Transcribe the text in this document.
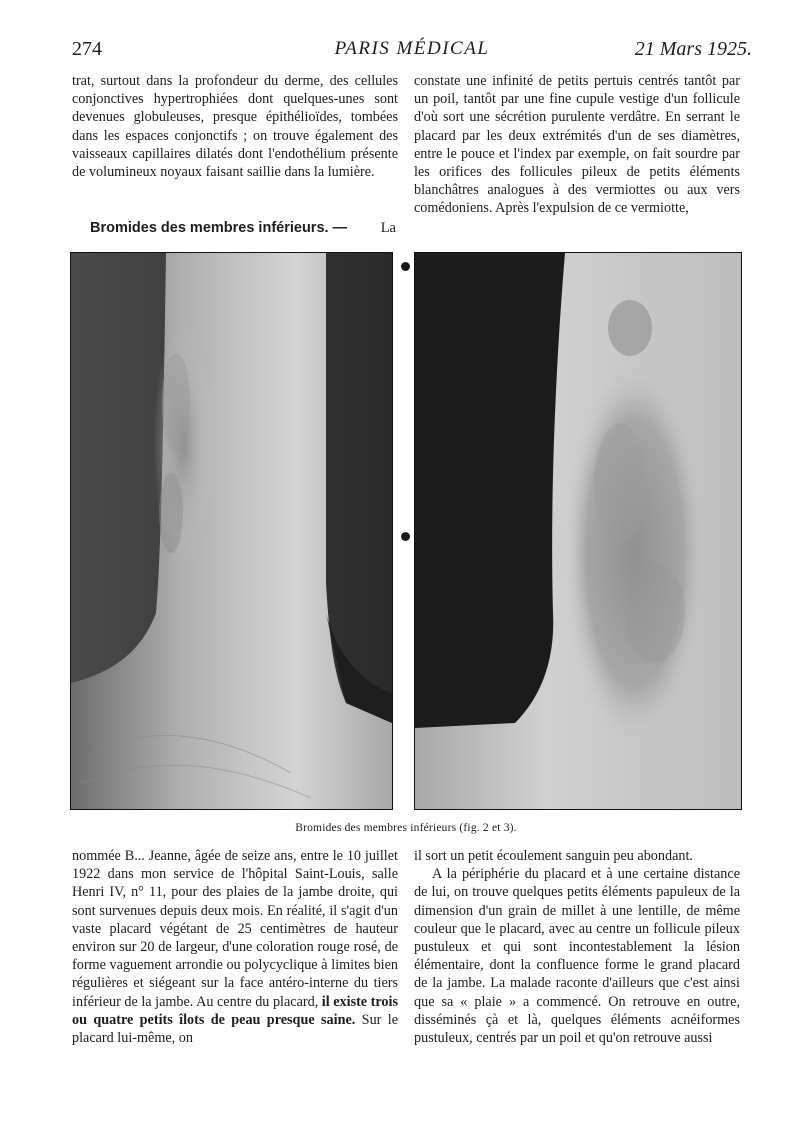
274	PARIS MÉDICAL	21 Mars 1925.

trat, surtout dans la profondeur du derme, des cellules conjonctives hypertrophiées dont quelques-unes sont devenues globuleuses, presque épithélioïdes, tombées dans les espaces conjonctifs ; on trouve également des vaisseaux capillaires dilatés dont l'endothélium présente de volumineux noyaux faisant saillie dans la lumière.

Bromides des membres inférieurs. — La

constate une infinité de petits pertuis centrés tantôt par un poil, tantôt par une fine cupule vestige d'un follicule d'où sort une sécrétion purulente verdâtre. En serrant le placard par les deux extrémités d'un de ses diamètres, entre le pouce et l'index par exemple, on fait sourdre par les orifices des follicules pileux de petits éléments blanchâtres analogues à des vermiottes ou aux vers comédoniens. Après l'expulsion de ce vermiotte,

Bromides des membres inférieurs (fig. 2 et 3).

nommée B... Jeanne, âgée de seize ans, entre le 10 juillet 1922 dans mon service de l'hôpital Saint-Louis, salle Henri IV, n° 11, pour des plaies de la jambe droite, qui sont survenues depuis deux mois. En réalité, il s'agit d'un vaste placard végétant de 25 centimètres de hauteur environ sur 20 de largeur, d'une coloration rouge rosé, de forme vaguement arrondie ou polycyclique à limites bien régulières et siégeant sur la face antéro-interne du tiers inférieur de la jambe. Au centre du placard, il existe trois ou quatre petits îlots de peau presque saine. Sur le placard lui-même, on

il sort un petit écoulement sanguin peu abondant.

A la périphérie du placard et à une certaine distance de lui, on trouve quelques petits éléments papuleux de la dimension d'un grain de millet à une lentille, de même couleur que le placard, avec au centre un follicule pileux pustuleux et qui sont incontestablement la lésion élémentaire, dont la confluence forme le grand placard de la jambe. La malade raconte d'ailleurs que c'est ainsi que sa « plaie » a commencé. On retrouve en outre, disséminés çà et là, quelques éléments acnéiformes pustuleux, centrés par un poil et qu'on retrouve aussi
